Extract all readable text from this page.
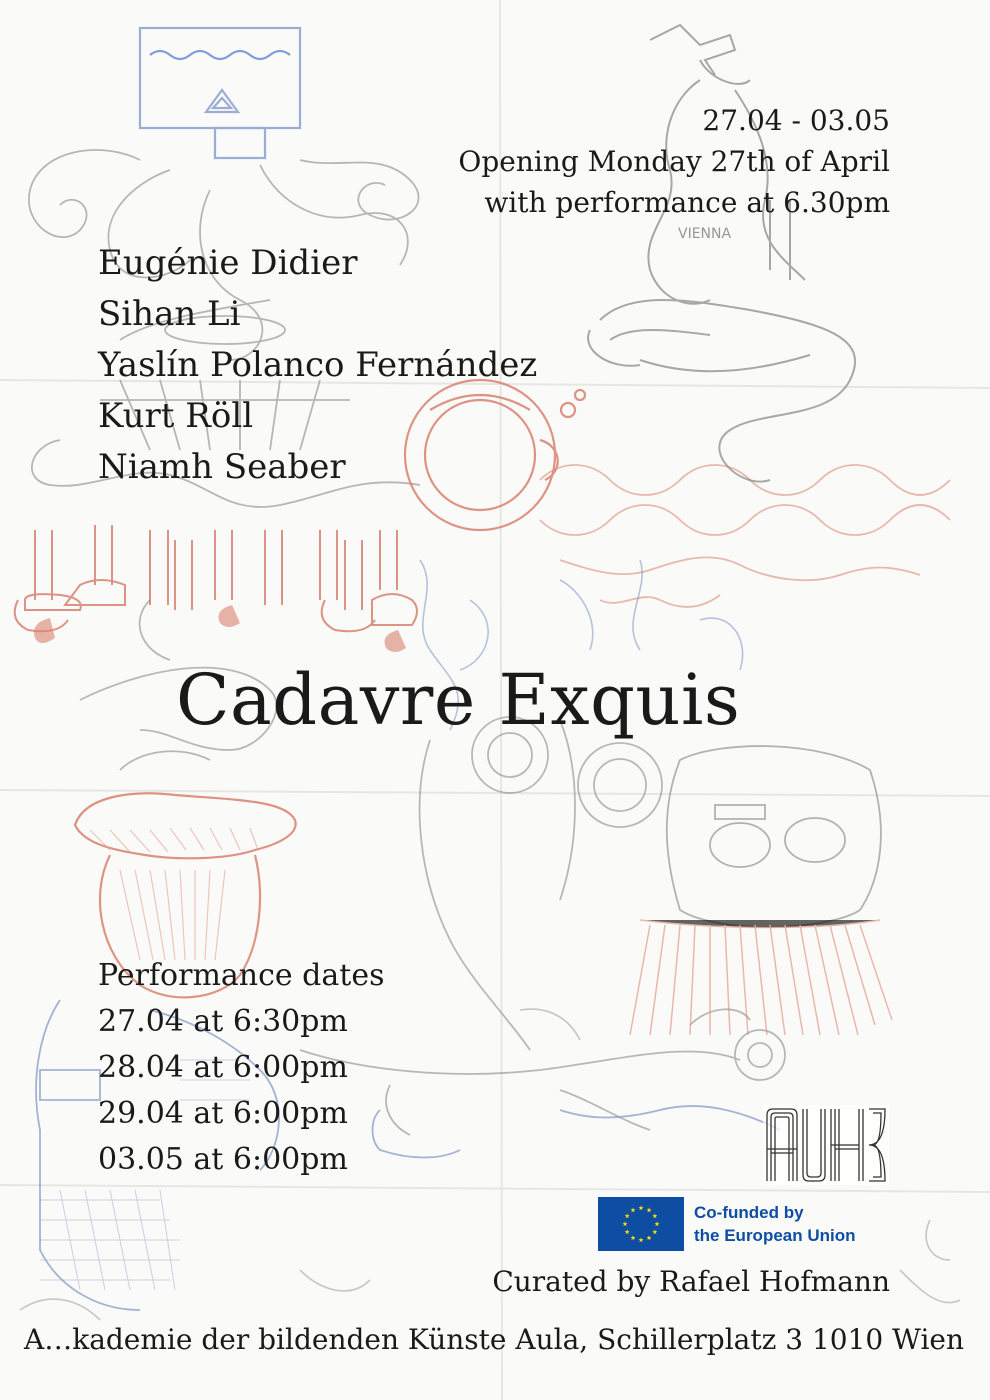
VIENNA
27.04 - 03.05
Opening Monday 27th of April
with performance at 6.30pm
Eugénie Didier
Sihan Li
Yaslín Polanco Fernández
Kurt Röll
Niamh Seaber
Cadavre Exquis
Performance dates
27.04 at 6:30pm
28.04 at 6:00pm
29.04 at 6:00pm
03.05 at 6:00pm
Co-funded by
the European Union
Curated by Rafael Hofmann
A…kademie der bildenden Künste Aula, Schillerplatz 3 1010 Wien
